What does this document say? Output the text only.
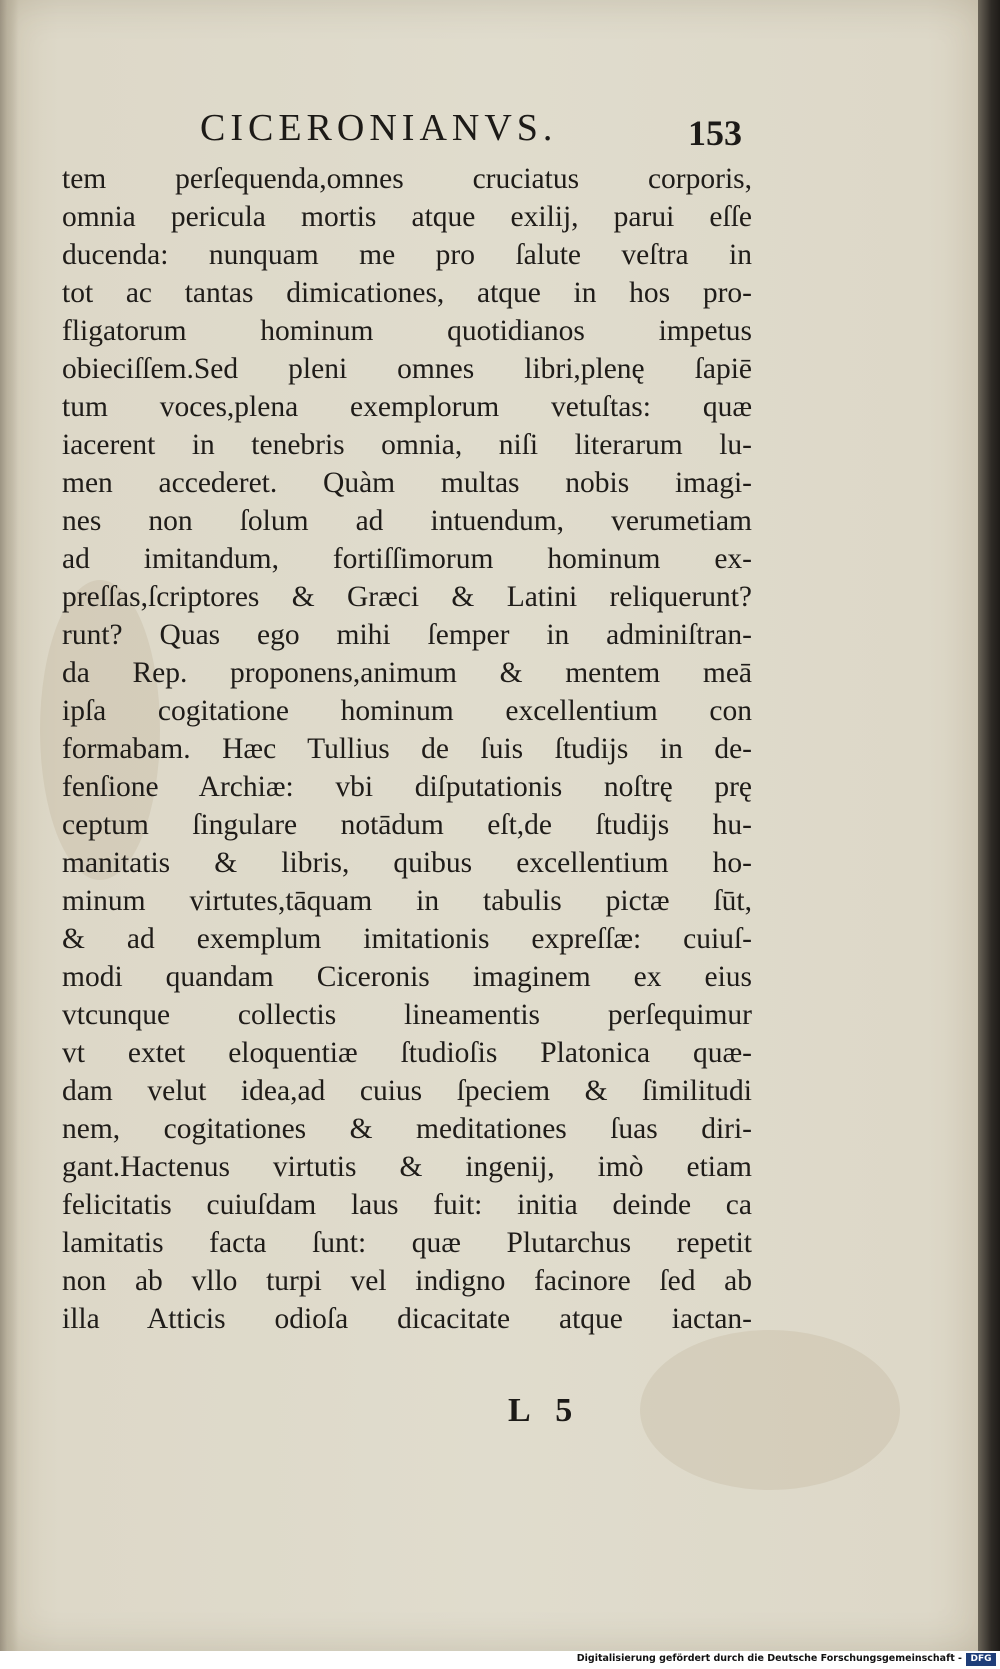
CICERONIANVS.	153
tem perſequenda,omnes cruciatus corporis,
omnia pericula mortis atque exilij, parui eſſe
ducenda: nunquam me pro ſalute veſtra in
tot ac tantas dimicationes, atque in hos pro-
fligatorum hominum quotidianos impetus
obieciſſem.Sed pleni omnes libri,plenę ſapiē
tum voces,plena exemplorum vetuſtas: quæ
iacerent in tenebris omnia, niſi literarum lu-
men accederet. Quàm multas nobis imagi-
nes non ſolum ad intuendum, verumetiam
ad imitandum, fortiſſimorum hominum ex-
preſſas,ſcriptores & Græci & Latini reliquerunt?
runt? Quas ego mihi ſemper in adminiſtran-
da Rep. proponens,animum & mentem meā
ipſa cogitatione hominum excellentium con
formabam. Hæc Tullius de ſuis ſtudijs in de-
fenſione Archiæ: vbi diſputationis noſtrę prę
ceptum ſingulare notādum eſt,de ſtudijs hu-
manitatis & libris, quibus excellentium ho-
minum virtutes,tāquam in tabulis pictæ ſūt,
& ad exemplum imitationis expreſſæ: cuiuſ-
modi quandam Ciceronis imaginem ex eius
vtcunque collectis lineamentis perſequimur
vt extet eloquentiæ ſtudioſis Platonica quæ-
dam velut idea,ad cuius ſpeciem & ſimilitudi
nem, cogitationes & meditationes ſuas diri-
gant.Hactenus virtutis & ingenij, imò etiam
felicitatis cuiuſdam laus fuit: initia deinde ca
lamitatis facta ſunt: quæ Plutarchus repetit
non ab vllo turpi vel indigno facinore ſed ab
illa Atticis odioſa dicacitate atque iactan-
L 5
Digitalisierung gefördert durch die Deutsche Forschungsgemeinschaft - DFG
